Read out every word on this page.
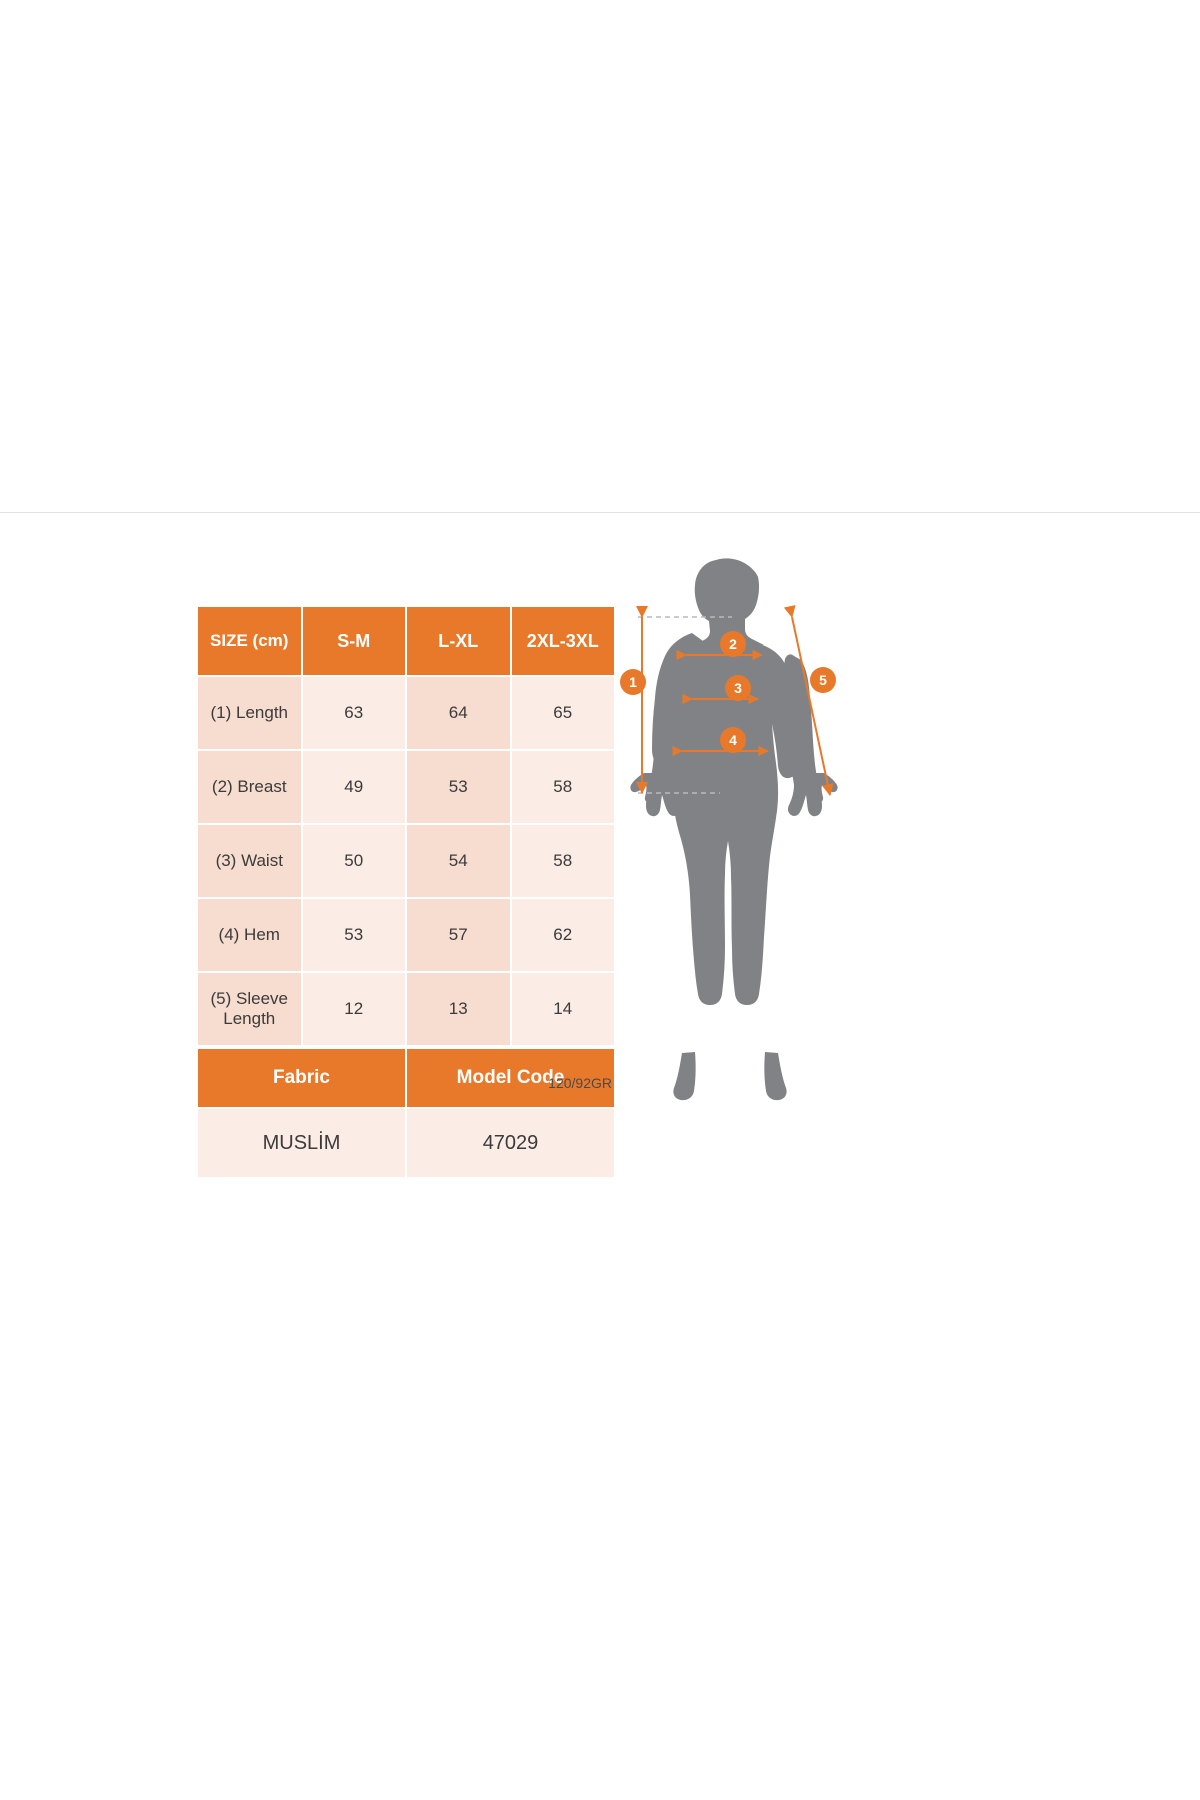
SIZE (cm)	S-M	L-XL	2XL-3XL
(1) Length	63	64	65
(2) Breast	49	53	58
(3) Waist	50	54	58
(4) Hem	53	57	62
(5) Sleeve Length	12	13	14
Fabric	Model Code
MUSLİM	47029
120/92GR
1
2
3
4
5
